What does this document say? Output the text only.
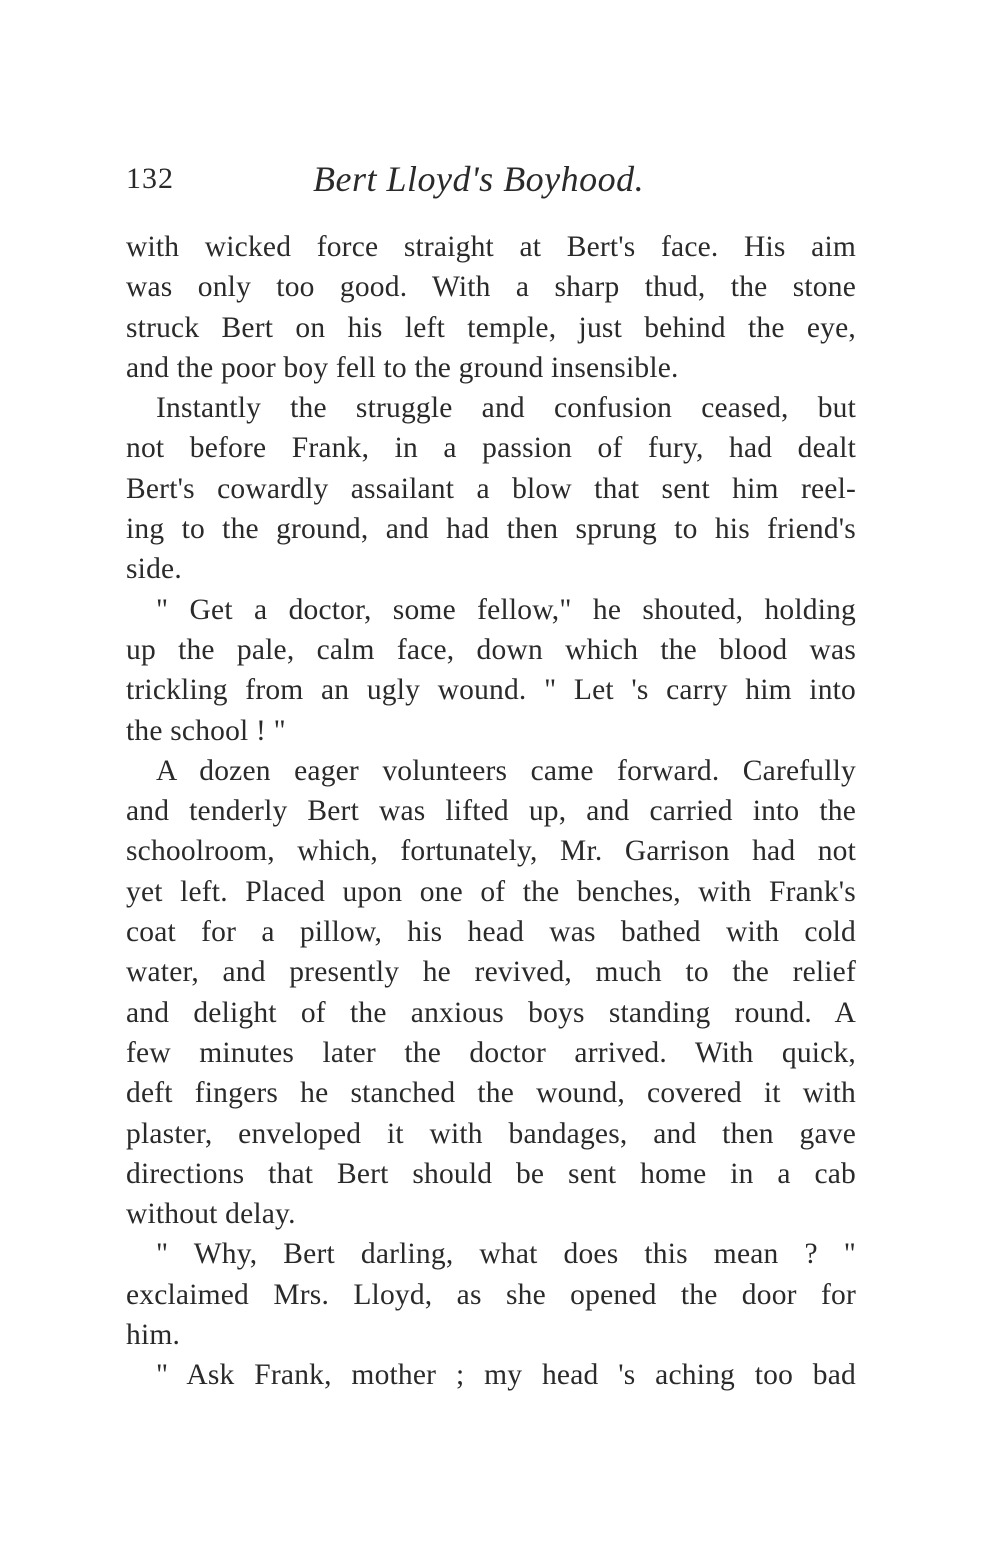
132	Bert Lloyd's Boyhood.
with wicked force straight at Bert's face. His aim
was only too good. With a sharp thud, the stone
struck Bert on his left temple, just behind the eye,
and the poor boy fell to the ground insensible.
Instantly the struggle and confusion ceased, but
not before Frank, in a passion of fury, had dealt
Bert's cowardly assailant a blow that sent him reel-
ing to the ground, and had then sprung to his friend's
side.
" Get a doctor, some fellow," he shouted, holding
up the pale, calm face, down which the blood was
trickling from an ugly wound. " Let 's carry him into
the school ! "
A dozen eager volunteers came forward. Carefully
and tenderly Bert was lifted up, and carried into the
schoolroom, which, fortunately, Mr. Garrison had not
yet left. Placed upon one of the benches, with Frank's
coat for a pillow, his head was bathed with cold
water, and presently he revived, much to the relief
and delight of the anxious boys standing round. A
few minutes later the doctor arrived. With quick,
deft fingers he stanched the wound, covered it with
plaster, enveloped it with bandages, and then gave
directions that Bert should be sent home in a cab
without delay.
" Why, Bert darling, what does this mean ? "
exclaimed Mrs. Lloyd, as she opened the door for
him.
" Ask Frank, mother ; my head 's aching too bad
